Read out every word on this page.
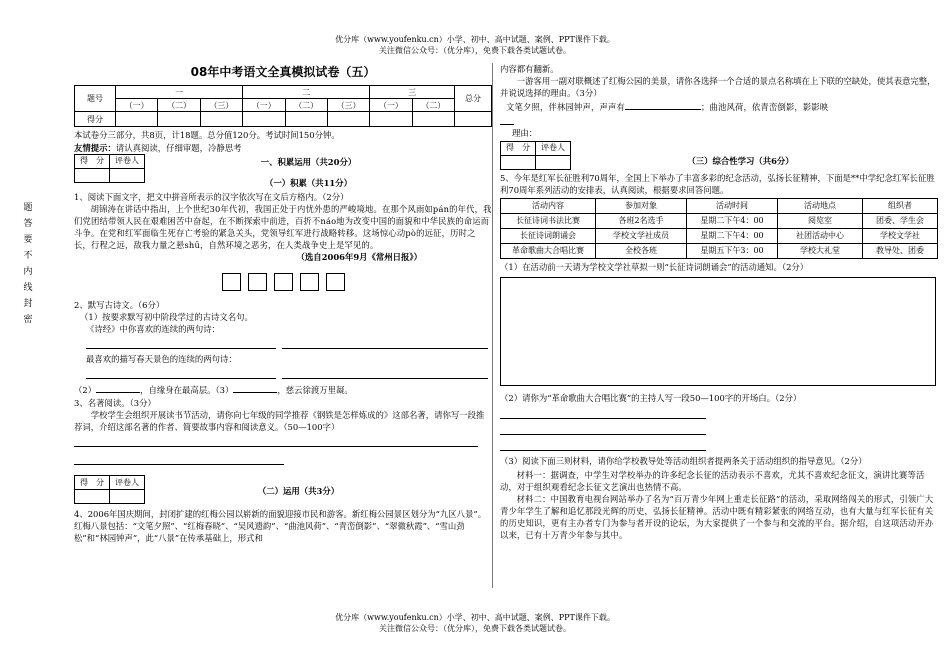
优分库（www.youfenku.cn）小学、初中、高中试题、案例、PPT课件下载。
关注微信公众号：（优分库），免费下载各类试题试卷。
题
答
要
不
内
线
封
密
08年中考语文全真模拟试卷（五）
题号	一			二			三		总分
	（一）	（二）	（三）	（一）	（二）	（三）	（一）	（二）	
得分									

本试卷分三部分，共8页，计18题。总分值120分。考试时间150分钟。

友情提示：请认真阅读，仔细审题，冷静思考

得　分	评卷人
		一、积累运用（共20分）
（一）积累（共11分）

1、阅读下面文字，把文中拼音所表示的汉字依次写在文后方格内。（2分）

胡锦涛在讲话中指出，上个世纪30年代初，我国正处于内忧外患的严峻境地。在那个风雨如pán的年代，我们党团结带领人民在艰难困苦中奋起，在不断探索中前进，百折不náo地为改变中国的面貌和中华民族的命运而斗争。在党和红军面临生死存亡考验的紧急关头，党领导红军进行战略转移。这场惊心动pò的远征，历时之长，行程之远，敌我力量之悬shū，自然环境之恶劣，在人类战争史上是罕见的。

（选自2006年9月《常州日报》）

2、默写古诗文。（6分）

（1）按要求默写初中阶段学过的古诗文名句。

《诗经》中你喜欢的连续的两句诗：

最喜欢的描写春天景色的连续的两句诗：

（2）	，自缘身在最高层。（3）	，慈云徐渡万里凝。

3、名著阅读。（3分）

学校学生会组织开展读书节活动，请你向七年级的同学推荐《钢铁是怎样炼成的》这部名著，请你写一段推荐词，介绍这部名著的作者、简要故事内容和阅读意义。（50—100字）

得　分	评卷人

（二）运用（共3分）

4、2006年国庆期间，封闭扩建的红梅公园以崭新的面貌迎接市民和游客。新红梅公园景区划分为“九区八景”。红梅八景包括：“文笔夕照”、“红梅春晓”、“吴风遗韵”、“曲池风荷”、“青峦倒影”、“翠微秋霞”、“雪山劲松”和“林园钟声”，此“八景”在传承基础上，形式和

内容都有翻新。

一游客用一副对联概述了红梅公园的美景，请你各选择一个合适的景点名称填在上下联的空缺处，使其表意完整，并说说选择的理由。（3分）

文笔夕照，伴林园钟声，声声有	；曲池风荷，依青峦倒影，影影映

理由：

得　分	评卷人

（三）综合性学习（共6分）

5、今年是红军长征胜利70周年，全国上下举办了丰富多彩的纪念活动，弘扬长征精神，下面是**中学纪念红军长征胜利70周年系列活动的安排表，认真阅读，根据要求回答问题。

活动内容	参加对象	活动时间	活动地点	组织者
长征诗词书法比赛	各班2名选手	星期二下午4：00	阅览室	团委、学生会
长征诗词朗诵会	学校文学社成员	星期二下午4：00	社团活动中心	学校文学社
革命歌曲大合唱比赛	全校各班	星期五下午3：00	学校大礼堂	教导处、团委

（1）在活动前一天请为学校文学社草拟一则“长征诗词朗诵会”的活动通知。（2分）

（2）请你为“革命歌曲大合唱比赛”的主持人写一段50—100字的开场白。（2分）

（3）阅读下面三则材料，请你给学校教导处等活动组织者提两条关于活动组织的指导意见。（2分）

材料一：据调查，中学生对学校举办的许多纪念长征的活动表示不喜欢，尤其不喜欢纪念征文，演讲比赛等活动，对于组织观看纪念长征文艺演出也热情不高。

材料二：中国教育电视台网站举办了名为“百万青少年网上重走长征路”的活动，采取网络闯关的形式，引领广大青少年学生了解和追忆那段光辉的历史，弘扬长征精神。活动中既有精彩紧张的网络互动，也有大量与红军长征有关的历史知识，更有主办者专门为参与者开设的论坛，为大家提供了一个参与和交流的平台。据介绍，自这项活动开办以来，已有十万青少年参与其中。

优分库（www.youfenku.cn）小学、初中、高中试题、案例、PPT课件下载。
关注微信公众号：（优分库），免费下载各类试题试卷。
